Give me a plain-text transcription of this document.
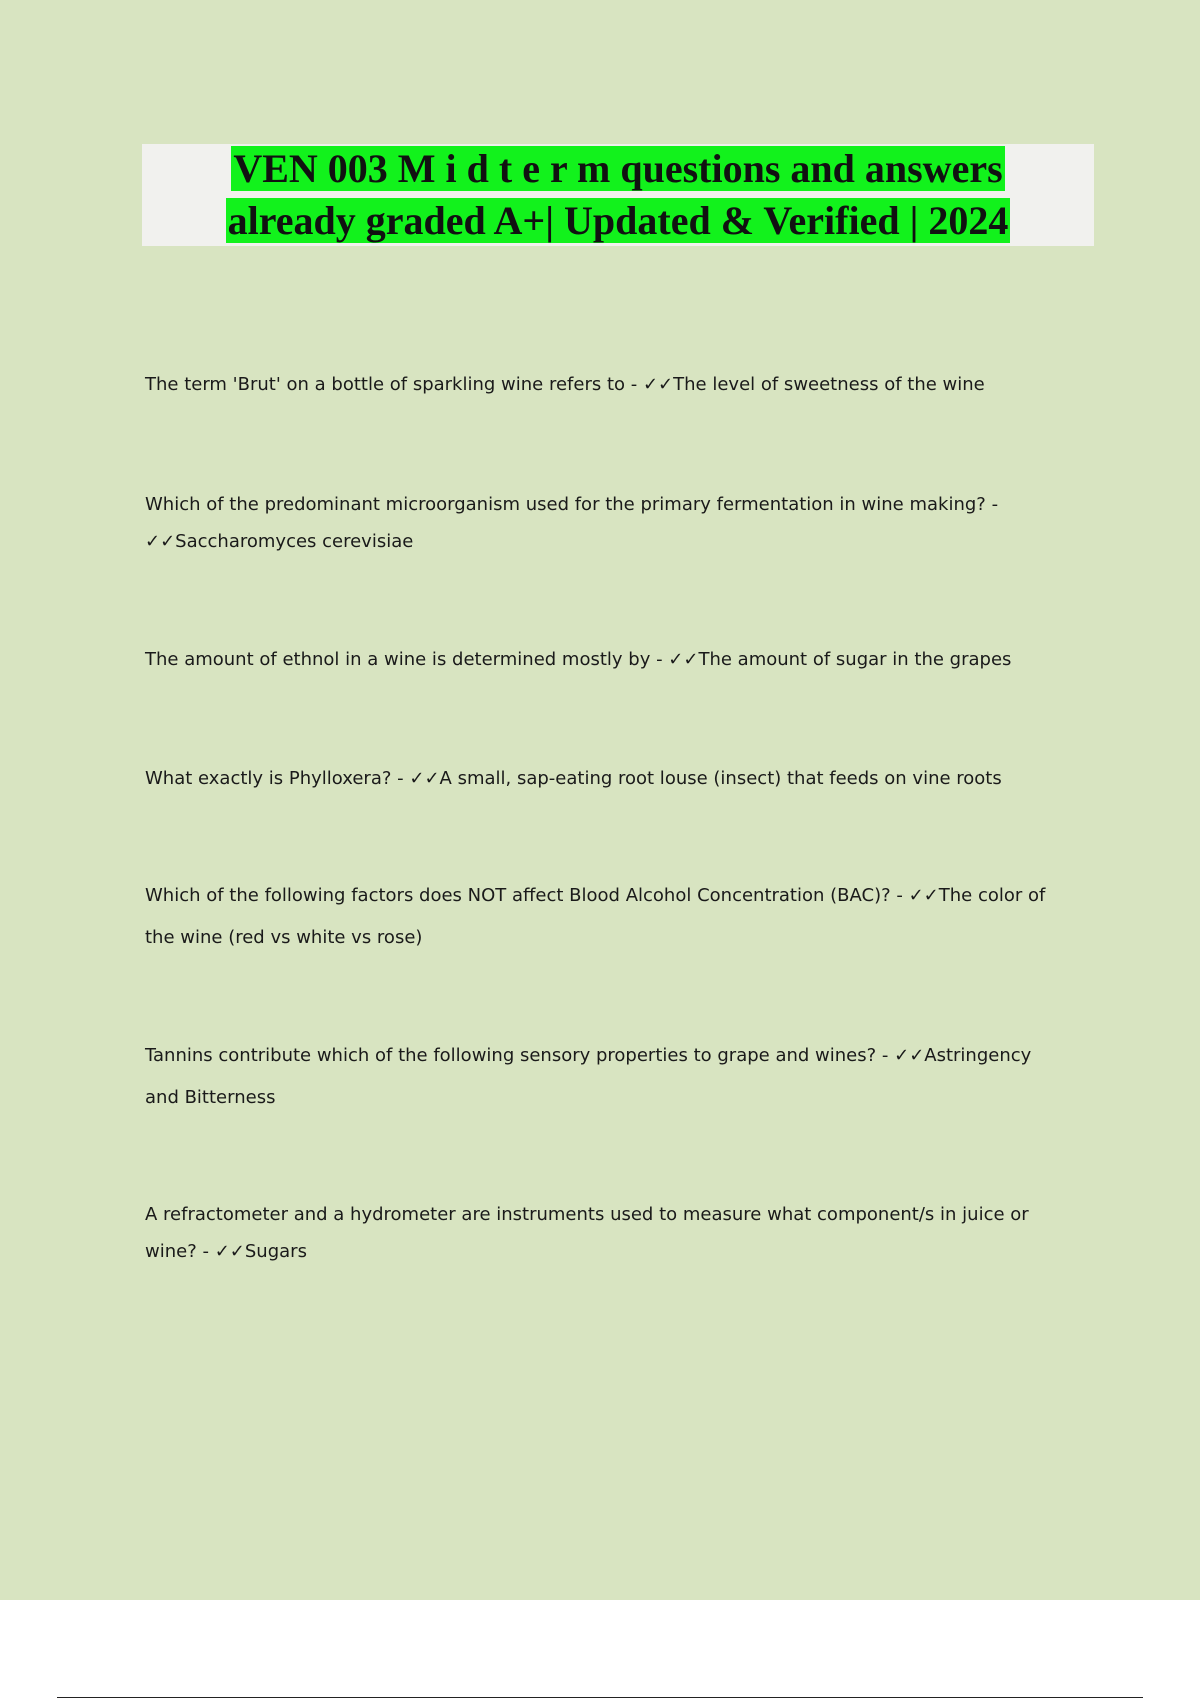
VEN 003 M i d t e r m questions and answers
already graded A+| Updated & Verified | 2024

The term 'Brut' on a bottle of sparkling wine refers to - ✓✓The level of sweetness of the wine

Which of the predominant microorganism used for the primary fermentation in wine making? - ✓✓Saccharomyces cerevisiae

The amount of ethnol in a wine is determined mostly by - ✓✓The amount of sugar in the grapes

What exactly is Phylloxera? - ✓✓A small, sap-eating root louse (insect) that feeds on vine roots

Which of the following factors does NOT affect Blood Alcohol Concentration (BAC)? - ✓✓The color of the wine (red vs white vs rose)

Tannins contribute which of the following sensory properties to grape and wines? - ✓✓Astringency and Bitterness

A refractometer and a hydrometer are instruments used to measure what component/s in juice or wine? - ✓✓Sugars
